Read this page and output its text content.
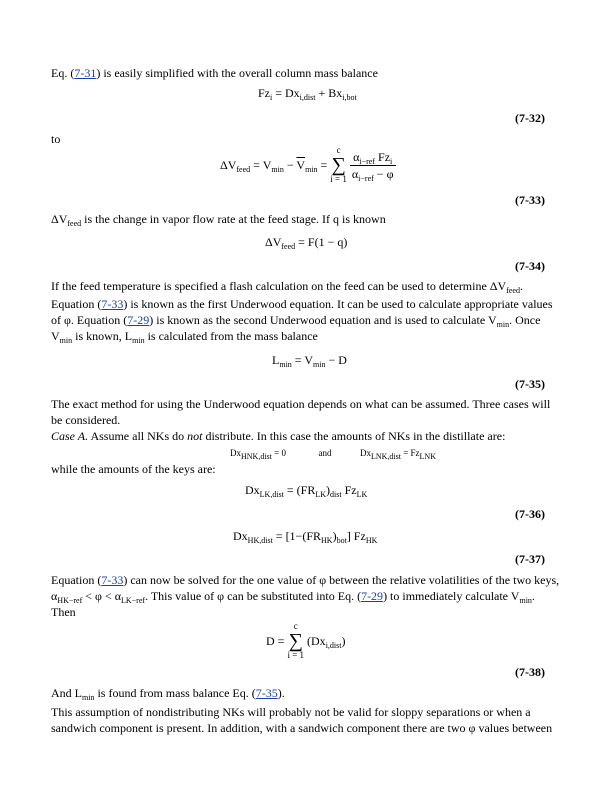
Eq. (7-31) is easily simplified with the overall column mass balance
$Fz_i = Dx_{i,dist} + Bx_{i,bot}$
(7-32)
to
$\Delta V_{feed} = V_{min} - \overline{V}_{min}$ =
c
∑
i = 1
$\frac{\alpha_{i-ref} Fz_i}{\alpha_{i-ref} - \varphi}$
(7-33)
$\Delta V_{feed}$ is the change in vapor flow rate at the feed stage. If q is known
$\Delta V_{feed} = F(1 - q)$
(7-34)
If the feed temperature is specified a flash calculation on the feed can be used to determine $\Delta V_{feed}$.
Equation (7-33) is known as the first Underwood equation. It can be used to calculate appropriate values of φ. Equation (7-29) is known as the second Underwood equation and is used to calculate $V_{min}$. Once $V_{min}$ is known, $L_{min}$ is calculated from the mass balance
$L_{min} = V_{min} - D$
(7-35)
The exact method for using the Underwood equation depends on what can be assumed. Three cases will be considered.
Case A. Assume all NKs do not distribute. In this case the amounts of NKs in the distillate are:
$Dx_{HNK,dist} = 0$	and	$Dx_{LNK,dist} = Fz_{LNK}$
while the amounts of the keys are:
$Dx_{LK,dist} = (FR_{LK})_{dist}$ $Fz_{LK}$
(7-36)
$Dx_{HK,dist} = [1-(FR_{HK})_{bot}]$ $Fz_{HK}$
(7-37)
Equation (7-33) can now be solved for the one value of φ between the relative volatilities of the two keys, $\alpha_{HK-ref} < \varphi < \alpha_{LK-ref}$. This value of φ can be substituted into Eq. (7-29) to immediately calculate $V_{min}$. Then
D =
c
∑
i = 1
$(Dx_{i,dist})$
(7-38)
And $L_{min}$ is found from mass balance Eq. (7-35).
This assumption of nondistributing NKs will probably not be valid for sloppy separations or when a sandwich component is present. In addition, with a sandwich component there are two φ values between
